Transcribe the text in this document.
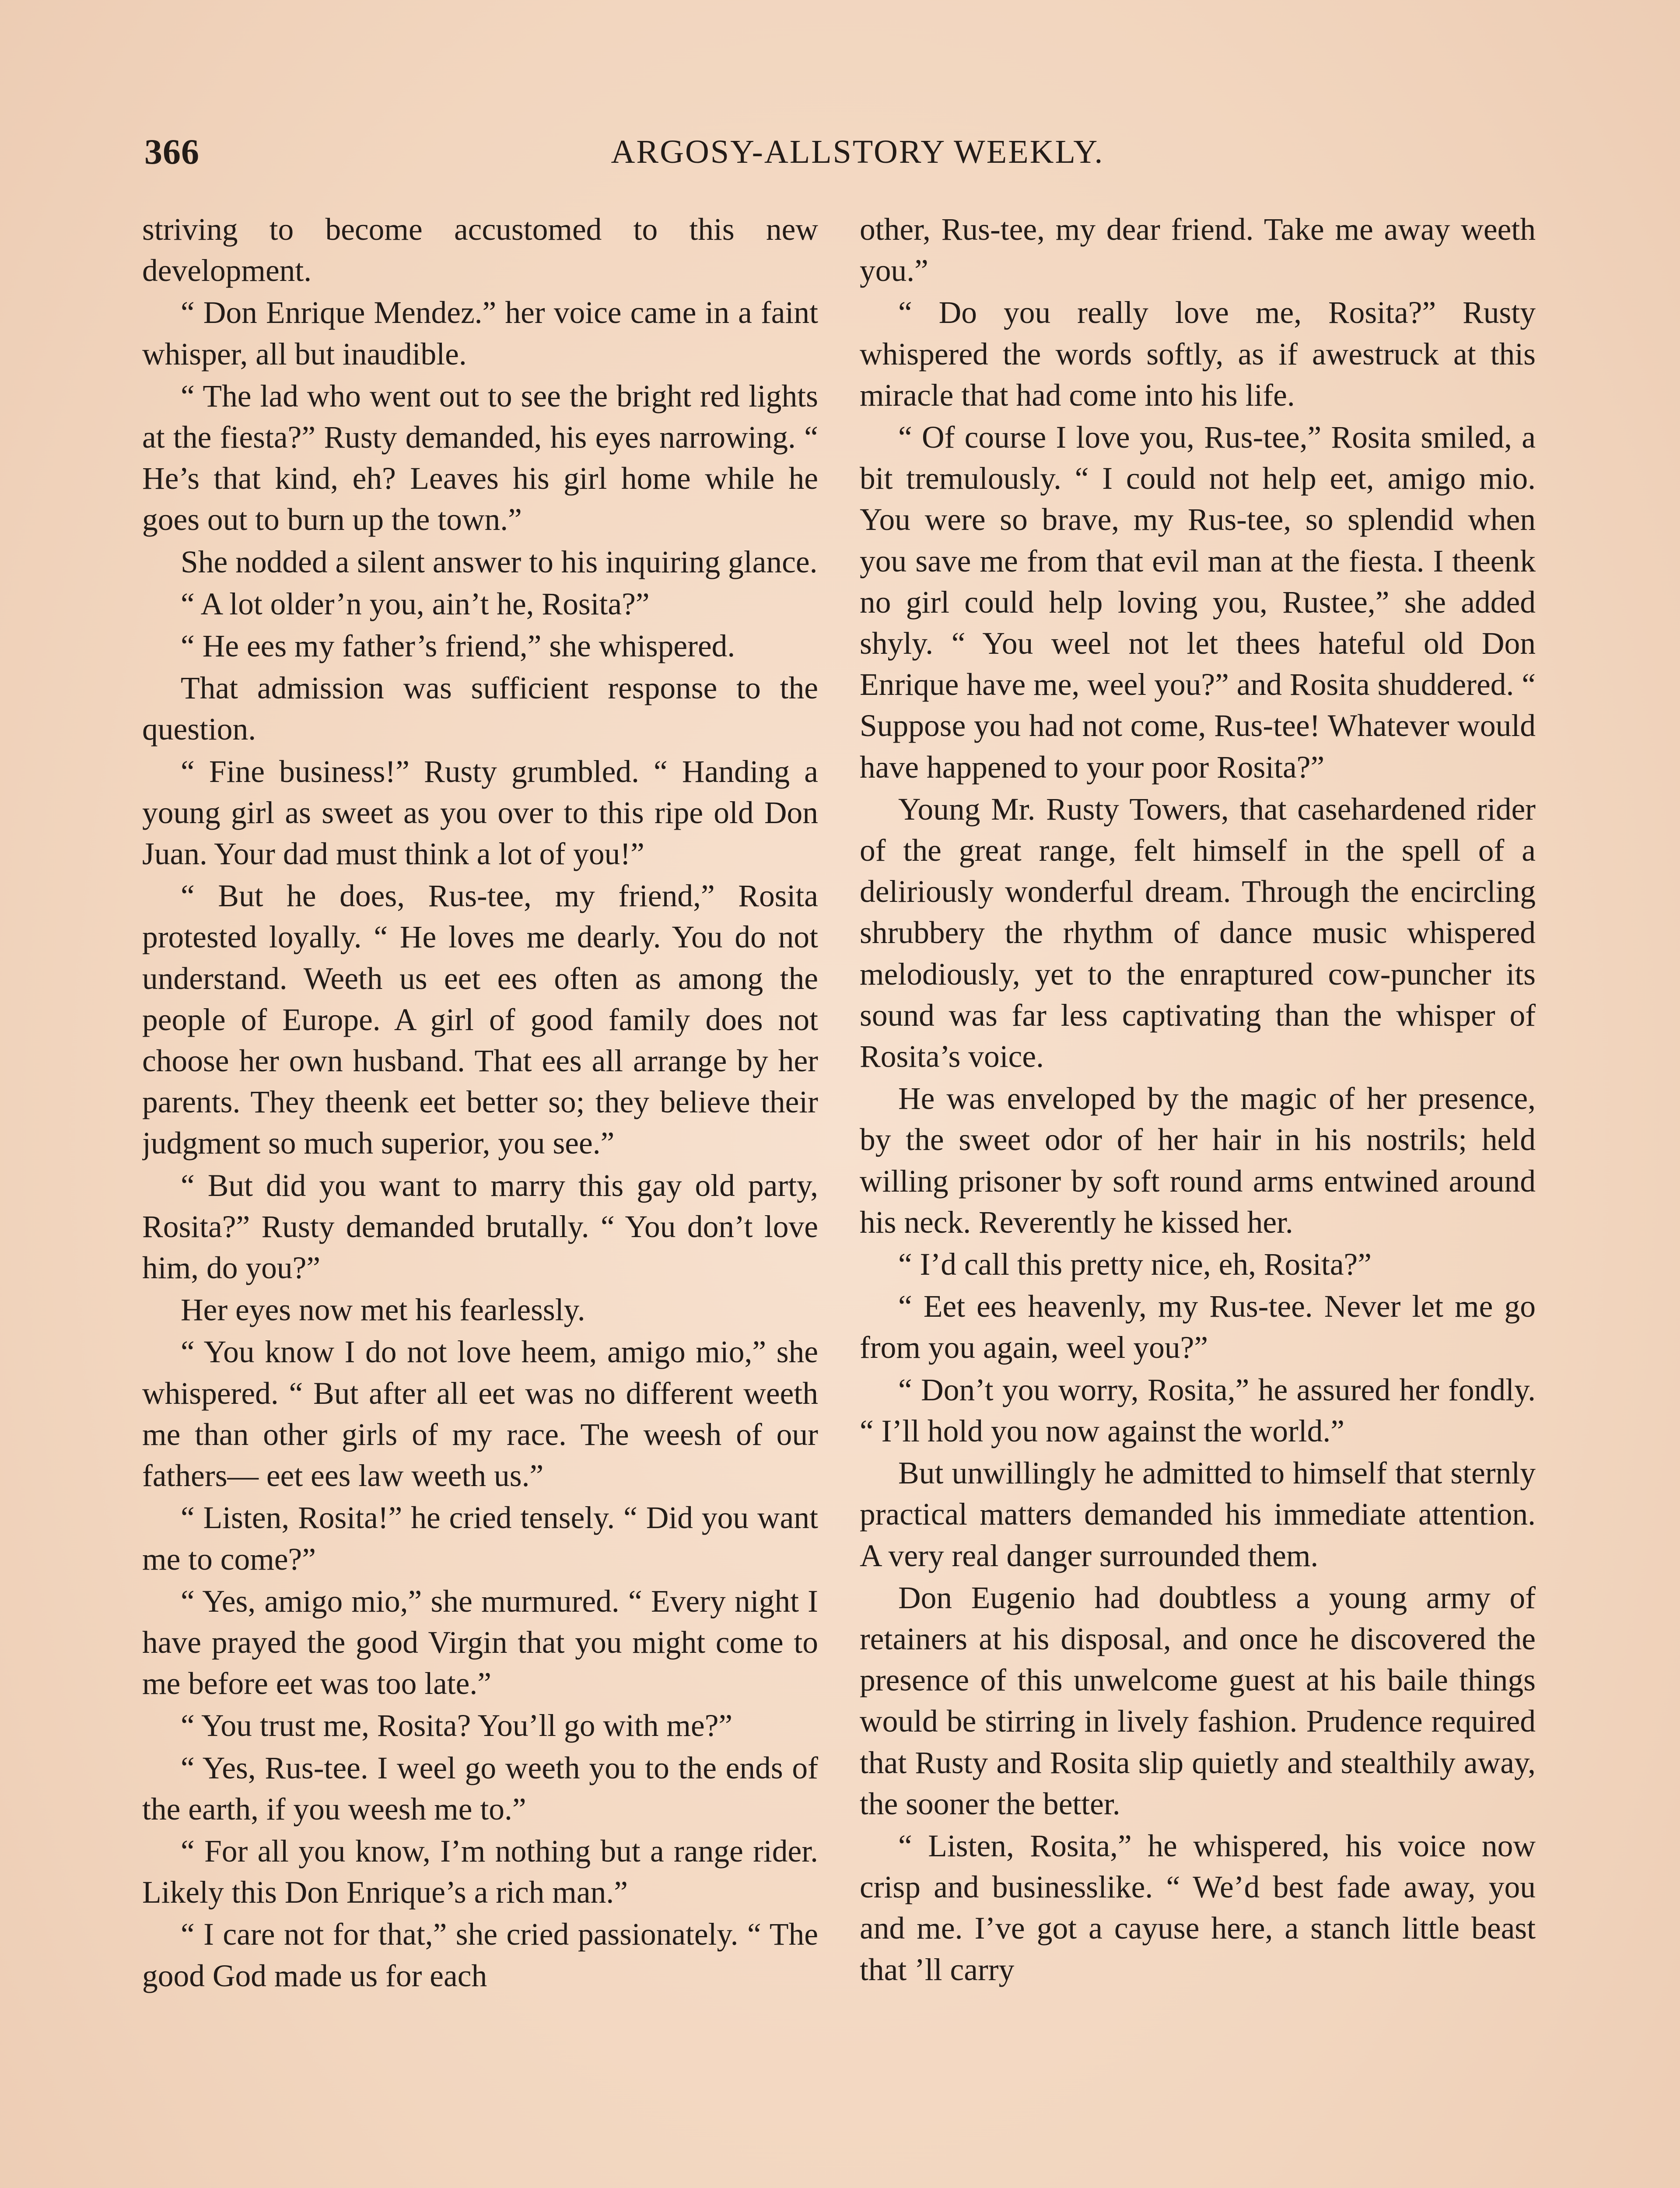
366	ARGOSY-ALLSTORY WEEKLY.

striving to become accustomed to this new development.

“ Don Enrique Mendez.” her voice came in a faint whisper, all but inaudible.

“ The lad who went out to see the bright red lights at the fiesta?” Rusty demanded, his eyes narrowing. “ He’s that kind, eh? Leaves his girl home while he goes out to burn up the town.”

She nodded a silent answer to his inquiring glance.

“ A lot older’n you, ain’t he, Rosita?”

“ He ees my father’s friend,” she whispered.

That admission was sufficient response to the question.

“ Fine business!” Rusty grumbled. “ Handing a young girl as sweet as you over to this ripe old Don Juan. Your dad must think a lot of you!”

“ But he does, Rus-tee, my friend,” Rosita protested loyally. “ He loves me dearly. You do not understand. Weeth us eet ees often as among the people of Europe. A girl of good family does not choose her own husband. That ees all arrange by her parents. They theenk eet better so; they believe their judgment so much superior, you see.”

“ But did you want to marry this gay old party, Rosita?” Rusty demanded brutally. “ You don’t love him, do you?”

Her eyes now met his fearlessly.

“ You know I do not love heem, amigo mio,” she whispered. “ But after all eet was no different weeth me than other girls of my race. The weesh of our fathers— eet ees law weeth us.”

“ Listen, Rosita!” he cried tensely. “ Did you want me to come?”

“ Yes, amigo mio,” she murmured. “ Every night I have prayed the good Virgin that you might come to me before eet was too late.”

“ You trust me, Rosita? You’ll go with me?”

“ Yes, Rus-tee. I weel go weeth you to the ends of the earth, if you weesh me to.”

“ For all you know, I’m nothing but a range rider. Likely this Don Enrique’s a rich man.”

“ I care not for that,” she cried passionately. “ The good God made us for each

other, Rus-tee, my dear friend. Take me away weeth you.”

“ Do you really love me, Rosita?” Rusty whispered the words softly, as if awestruck at this miracle that had come into his life.

“ Of course I love you, Rus-tee,” Rosita smiled, a bit tremulously. “ I could not help eet, amigo mio. You were so brave, my Rus-tee, so splendid when you save me from that evil man at the fiesta. I theenk no girl could help loving you, Rustee,” she added shyly. “ You weel not let thees hateful old Don Enrique have me, weel you?” and Rosita shuddered. “ Suppose you had not come, Rus-tee! Whatever would have happened to your poor Rosita?”

Young Mr. Rusty Towers, that casehardened rider of the great range, felt himself in the spell of a deliriously wonderful dream. Through the encircling shrubbery the rhythm of dance music whispered melodiously, yet to the enraptured cow-puncher its sound was far less captivating than the whisper of Rosita’s voice.

He was enveloped by the magic of her presence, by the sweet odor of her hair in his nostrils; held willing prisoner by soft round arms entwined around his neck. Reverently he kissed her.

“ I’d call this pretty nice, eh, Rosita?”

“ Eet ees heavenly, my Rus-tee. Never let me go from you again, weel you?”

“ Don’t you worry, Rosita,” he assured her fondly. “ I’ll hold you now against the world.”

But unwillingly he admitted to himself that sternly practical matters demanded his immediate attention. A very real danger surrounded them.

Don Eugenio had doubtless a young army of retainers at his disposal, and once he discovered the presence of this unwelcome guest at his baile things would be stirring in lively fashion. Prudence required that Rusty and Rosita slip quietly and stealthily away, the sooner the better.

“ Listen, Rosita,” he whispered, his voice now crisp and businesslike. “ We’d best fade away, you and me. I’ve got a cayuse here, a stanch little beast that ’ll carry
